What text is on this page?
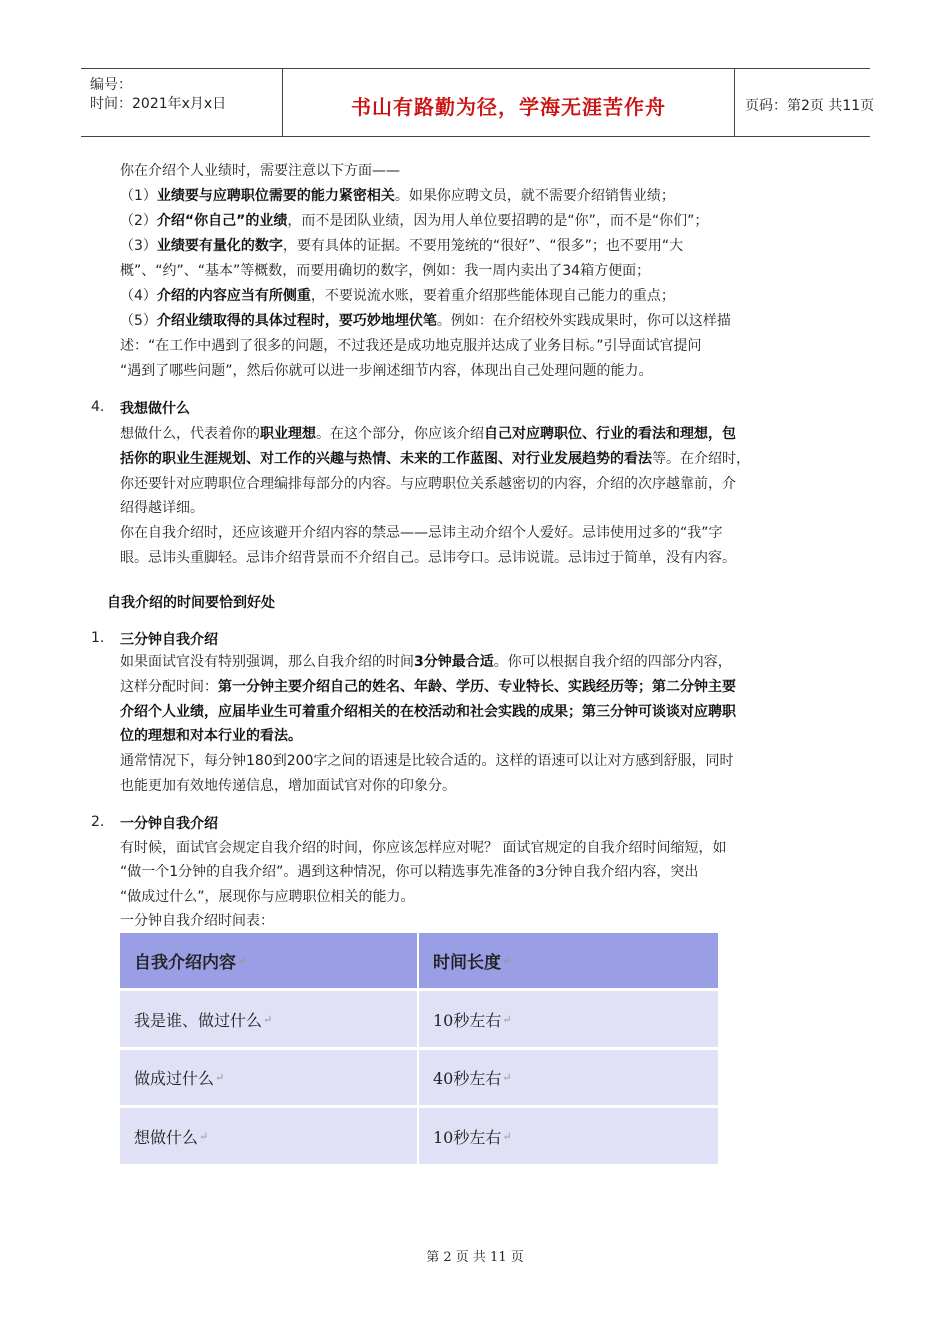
编号：
时间：2021年x月x日	书山有路勤为径，学海无涯苦作舟	页码：第2页 共11页
你在介绍个人业绩时，需要注意以下方面——
（1）业绩要与应聘职位需要的能力紧密相关。如果你应聘文员，就不需要介绍销售业绩；
（2）介绍“你自己”的业绩，而不是团队业绩，因为用人单位要招聘的是“你”，而不是“你们”；
（3）业绩要有量化的数字，要有具体的证据。不要用笼统的“很好”、“很多”；也不要用“大
概”、“约”、“基本”等概数，而要用确切的数字，例如：我一周内卖出了34箱方便面；
（4）介绍的内容应当有所侧重，不要说流水账，要着重介绍那些能体现自己能力的重点；
（5）介绍业绩取得的具体过程时，要巧妙地埋伏笔。例如：在介绍校外实践成果时，你可以这样描
述：“在工作中遇到了很多的问题，不过我还是成功地克服并达成了业务目标。”引导面试官提问
“遇到了哪些问题”，然后你就可以进一步阐述细节内容，体现出自己处理问题的能力。
4. 我想做什么
想做什么，代表着你的职业理想。在这个部分，你应该介绍自己对应聘职位、行业的看法和理想，包
括你的职业生涯规划、对工作的兴趣与热情、未来的工作蓝图、对行业发展趋势的看法等。在介绍时，
你还要针对应聘职位合理编排每部分的内容。与应聘职位关系越密切的内容，介绍的次序越靠前，介
绍得越详细。
你在自我介绍时，还应该避开介绍内容的禁忌——忌讳主动介绍个人爱好。忌讳使用过多的“我”字
眼。忌讳头重脚轻。忌讳介绍背景而不介绍自己。忌讳夸口。忌讳说谎。忌讳过于简单，没有内容。
自我介绍的时间要恰到好处
1. 三分钟自我介绍
如果面试官没有特别强调，那么自我介绍的时间3分钟最合适。你可以根据自我介绍的四部分内容，
这样分配时间：第一分钟主要介绍自己的姓名、年龄、学历、专业特长、实践经历等；第二分钟主要
介绍个人业绩，应届毕业生可着重介绍相关的在校活动和社会实践的成果；第三分钟可谈谈对应聘职
位的理想和对本行业的看法。
通常情况下，每分钟180到200字之间的语速是比较合适的。这样的语速可以让对方感到舒服，同时
也能更加有效地传递信息，增加面试官对你的印象分。
2. 一分钟自我介绍
有时候，面试官会规定自我介绍的时间，你应该怎样应对呢？ 面试官规定的自我介绍时间缩短，如
“做一个1分钟的自我介绍”。遇到这种情况，你可以精选事先准备的3分钟自我介绍内容，突出
“做成过什么”，展现你与应聘职位相关的能力。
一分钟自我介绍时间表：
自我介绍内容 ↵	时间长度 ↵
我是谁、做过什么 ↵	10秒左右 ↵
做成过什么 ↵	40秒左右 ↵
想做什么 ↵	10秒左右 ↵
第 2 页 共 11 页
